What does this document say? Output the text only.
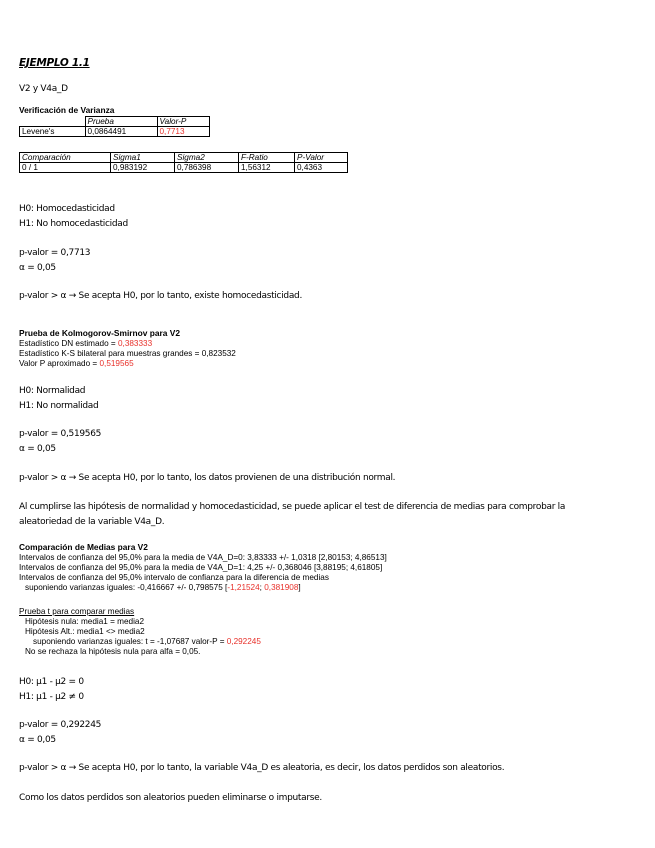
EJEMPLO 1.1
V2 y V4a_D
Verificación de Varianza
	Prueba	Valor-P
Levene's	0,0864491	0,7713
Comparación	Sigma1	Sigma2	F-Ratio	P-Valor
0 / 1	0,983192	0,786398	1,56312	0,4363
H0: Homocedasticidad
H1: No homocedasticidad
p-valor = 0,7713
α = 0,05
p-valor > α → Se acepta H0, por lo tanto, existe homocedasticidad.
Prueba de Kolmogorov-Smirnov para V2
Estadístico DN estimado = 0,383333
Estadístico K-S bilateral para muestras grandes = 0,823532
Valor P aproximado = 0,519565
H0: Normalidad
H1: No normalidad
p-valor = 0,519565
α = 0,05
p-valor > α → Se acepta H0, por lo tanto, los datos provienen de una distribución normal.
Al cumplirse las hipótesis de normalidad y homocedasticidad, se puede aplicar el test de diferencia de medias para comprobar la
aleatoriedad de la variable V4a_D.
Comparación de Medias para V2
Intervalos de confianza del 95,0% para la media de V4A_D=0: 3,83333 +/- 1,0318 [2,80153; 4,86513]
Intervalos de confianza del 95,0% para la media de V4A_D=1: 4,25 +/- 0,368046 [3,88195; 4,61805]
Intervalos de confianza del 95,0% intervalo de confianza para la diferencia de medias
suponiendo varianzas iguales: -0,416667 +/- 0,798575 [-1,21524; 0,381908]
Prueba t para comparar medias
Hipótesis nula: media1 = media2
Hipótesis Alt.: media1 <> media2
suponiendo varianzas iguales: t = -1,07687 valor-P = 0,292245
No se rechaza la hipótesis nula para alfa = 0,05.
H0: µ1 - µ2 = 0
H1: µ1 - µ2 ≠ 0
p-valor = 0,292245
α = 0,05
p-valor > α → Se acepta H0, por lo tanto, la variable V4a_D es aleatoria, es decir, los datos perdidos son aleatorios.
Como los datos perdidos son aleatorios pueden eliminarse o imputarse.
